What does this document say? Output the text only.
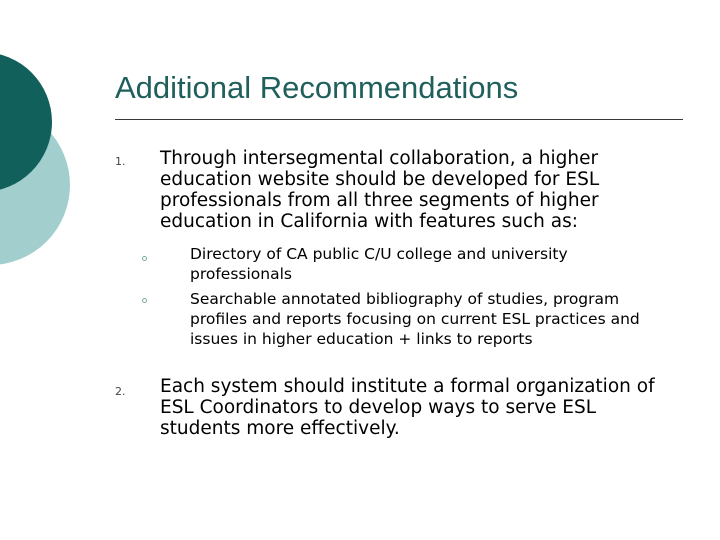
Additional Recommendations
1. Through intersegmental collaboration, a higher education website should be developed for ESL professionals from all three segments of higher education in California with features such as:
Directory of CA public C/U college and university professionals
Searchable annotated bibliography of studies, program profiles and reports focusing on current ESL practices and issues in higher education + links to reports
2. Each system should institute a formal organization of ESL Coordinators to develop ways to serve ESL students more effectively.
